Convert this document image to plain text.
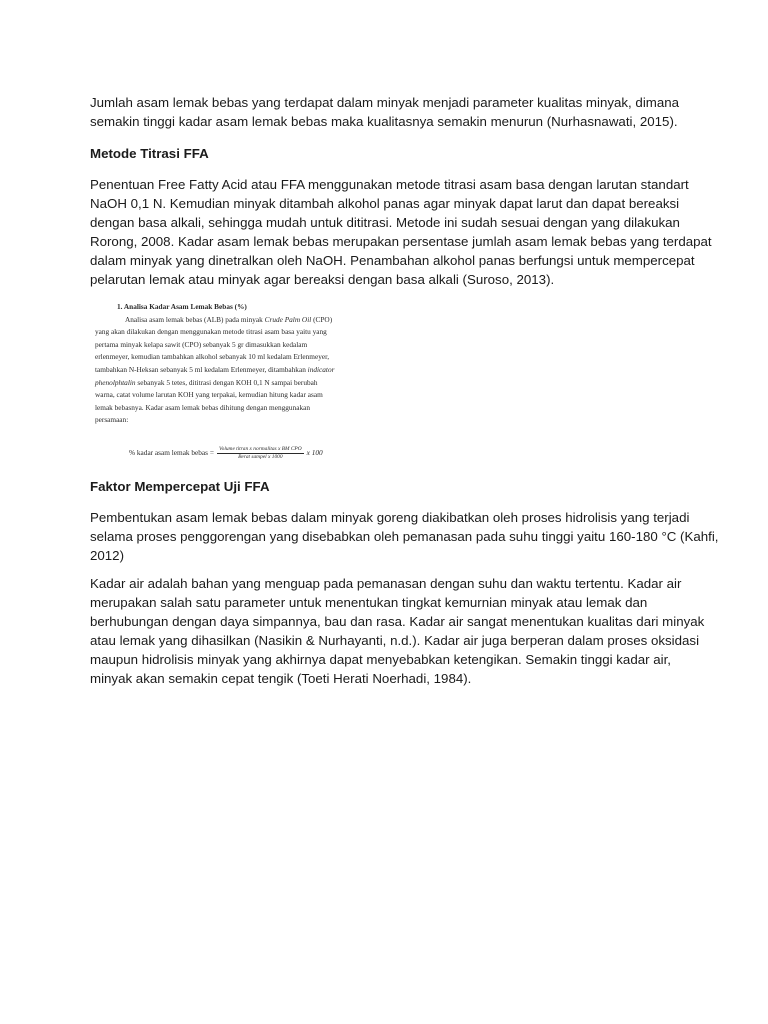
Jumlah asam lemak bebas yang terdapat dalam minyak menjadi parameter kualitas minyak, dimana
semakin tinggi kadar asam lemak bebas maka kualitasnya semakin menurun (Nurhasnawati, 2015).

Metode Titrasi FFA

Penentuan Free Fatty Acid atau FFA menggunakan metode titrasi asam basa dengan larutan standart
NaOH 0,1 N. Kemudian minyak ditambah alkohol panas agar minyak dapat larut dan dapat bereaksi
dengan basa alkali, sehingga mudah untuk dititrasi. Metode ini sudah sesuai dengan yang dilakukan
Rorong, 2008. Kadar asam lemak bebas merupakan persentase jumlah asam lemak bebas yang terdapat
dalam minyak yang dinetralkan oleh NaOH. Penambahan alkohol panas berfungsi untuk mempercepat
pelarutan lemak atau minyak agar bereaksi dengan basa alkali (Suroso, 2013).

1. Analisa Kadar Asam Lemak Bebas (%)
Analisa asam lemak bebas (ALB) pada minyak Crude Palm Oil (CPO)
yang akan dilakukan dengan menggunakan metode titrasi asam basa yaitu yang
pertama minyak kelapa sawit (CPO) sebanyak 5 gr dimasukkan kedalam
erlenmeyer, kemudian tambahkan alkohol sebanyak 10 ml kedalam Erlenmeyer,
tambahkan N-Heksan sebanyak 5 ml kedalam Erlenmeyer, ditambahkan indicator
phenolphtalin sebanyak 5 tetes, dititrasi dengan KOH 0,1 N sampai berubah
warna, catat volume larutan KOH yang terpakai, kemudian hitung kadar asam
lemak bebasnya. Kadar asam lemak bebas dihitung dengan menggunakan
persamaan:
% kadar asam lemak bebas = $\frac{\text{Volume titran x normalitas x BM CPO}}{\text{Berat sampel x 1000}}$ x 100
Faktor Mempercepat Uji FFA

Pembentukan asam lemak bebas dalam minyak goreng diakibatkan oleh proses hidrolisis yang terjadi
selama proses penggorengan yang disebabkan oleh pemanasan pada suhu tinggi yaitu 160-180 °C (Kahfi,
2012)

Kadar air adalah bahan yang menguap pada pemanasan dengan suhu dan waktu tertentu. Kadar air
merupakan salah satu parameter untuk menentukan tingkat kemurnian minyak atau lemak dan
berhubungan dengan daya simpannya, bau dan rasa. Kadar air sangat menentukan kualitas dari minyak
atau lemak yang dihasilkan (Nasikin & Nurhayanti, n.d.). Kadar air juga berperan dalam proses oksidasi
maupun hidrolisis minyak yang akhirnya dapat menyebabkan ketengikan. Semakin tinggi kadar air,
minyak akan semakin cepat tengik (Toeti Herati Noerhadi, 1984).
